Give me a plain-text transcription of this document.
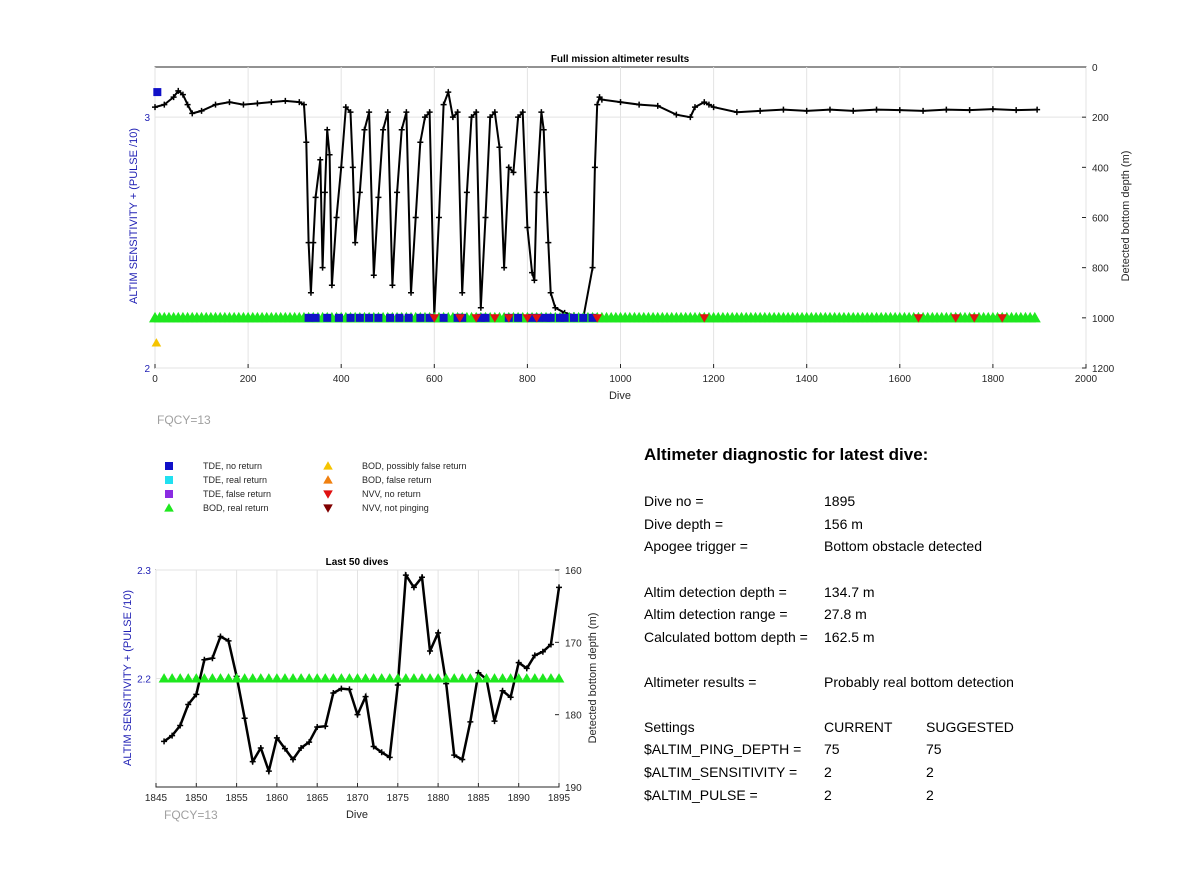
0	200	400	600	800	1000	1200	1400	1600	1800	2000
2
3
0
200
400
600
800
1000
1200
Full mission altimeter results
Dive
ALTIM SENSITIVITY + (PULSE /10)	Detected bottom depth (m)
FQCY=13
TDE, no return
TDE, real return
TDE, false return
BOD, real return
BOD, possibly false return
BOD, false return
NVV, no return
NVV, not pinging
1845 1850 1855 1860 1865 1870 1875 1880 1885 1890 1895
2.2
2.3	160
170
180
190
Last 50 dives
Dive
ALTIM SENSITIVITY + (PULSE /10)	Detected bottom depth (m)
FQCY=13
Altimeter diagnostic for latest dive:
Dive no =	1895
Dive depth =	156 m
Apogee trigger =	Bottom obstacle detected
Altim detection depth =	134.7 m
Altim detection range =	27.8 m
Calculated bottom depth = 162.5 m
Altimeter results =	Probably real bottom detection
Settings	CURRENT SUGGESTED
$ALTIM_PING_DEPTH = 75	75
$ALTIM_SENSITIVITY = 2	2
$ALTIM_PULSE =	2	2
